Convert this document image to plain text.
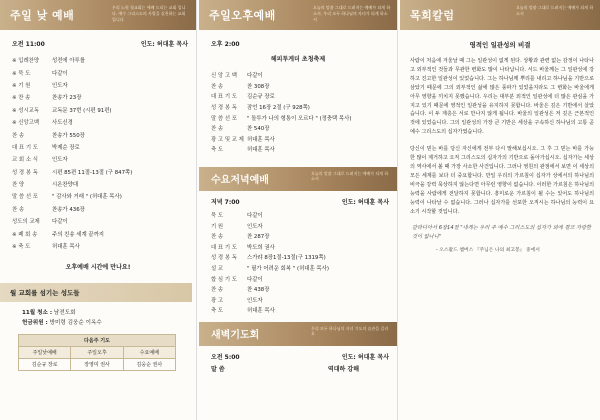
주일 낮 예배
우리 노원 청교회는 예배 드리는 교회 입니다. 예수 그리스도의 사랑을 실천하는 교회 입니다
오전 11:00	인도: 허대훈 목사
※ 입례찬양	성전에 아루를
※ 묵 도	다같이
※ 기 원	인도자
※ 찬 송	찬송가 23장
※ 성시교독	교독문 37번 (시편 91편)
※ 신앙고백	사도신경
찬 송	찬송가 550장
대 표 기 도	박제순 장로
교 회 소 식	인도자
성 경 봉 독	시편 85편 11절-13절 (구 847쪽)
찬 양	시온찬양대
말 씀 선 포	" 감사와 거래 " (허대훈 목사)
찬 송	찬송가 436장
성도의 교제	다같이
※ 폐 회 송	주의 친송 세계 끝까지
※ 축 도	허대훈 목사
오후예배 시간에 만나요!
월 교회를 섬기는 성도들
11월 청소 : 남전도회
헌금위원 : 방미령 김웅순 이옥수
다음주 기도		
주일낮예배	주일오후	수요예배
김순규 장로	장영미 권사	김웅순 권사
주일오후예배
오늘의 말씀 그대로 드려지는 예배가 되게 하소서. 우리 모두 하나님의 자녀가 되게 하소서
오후 2:00
헤피투게더 초청축제
신 앙 고 백	다같이
찬 송	찬 308장
대 표 기 도	김순규 장로
성 경 봉 독	잠언 16장 2절 (구 928쪽)
말 씀 선 포	" 돌투가 나의 형통이 오르다 " (정충택 목사)
찬 송	찬 540장
광 고 및 교 제 허대훈 목사
축 도	허대훈 목사
수요저녁예배
오늘의 말씀 그대로 드려지는 예배가 되게 하소서
저녁 7:00	인도: 허대훈 목사
묵 도	다같이
기 원	인도자
찬 송	찬 287장
대 표 기 도	박도희 권사
성 경 봉 독	스가랴 8장1절-13절(구 1319쪽)
설 교	" 필가 어려운 회복 " (허대훈 목사)
합 심 기 도	다같이
찬 송	찬 438장
광 고	인도자
축 도	허대훈 목사
새벽기도회
우리 모두 하나님의 자녀 기도의 습관을 길러요
오전 5:00	인도: 허대훈 목사
말 씀	역대하 강해
목회칼럼
오늘의 말씀 그대로 드려지는 예배가 되게 하소서
영적인 일관성의 비결
사람이 처음에 겨울날 때 그는 일관성이 없게 된다. 상황과 관련 없는 감정이 나타나고 외부적인 것들과 무관한 변화도 많이 나타납니다. 서드 바울께는 그 일관성에 강하고 진고한 일관성이 있었습니다. 그는 하나님께 뿌리를 내리고 하나님을 기반으로 삼았기 때문에 그의 외부적인 삶에 많은 풍파가 있었을지라도 그 변화는 바울에게 아무 영향을 끼치지 못했습니다. 우리는 대부분 외적인 일관성에 더 많은 관심을 가지고 있기 때문에 영적인 일관성을 유지하지 못합니다. 바울은 깊은 기반에서 살았습니다. 이 두 계층은 서로 만나지 않게 됩니다. 바울의 일관성은 저 깊은 근본적인 것에 있었습니다. 그의 일관성의 가장 큰 기반은 세상을 구속하신 하나님의 고통 곧 예수 그리스도의 십자가였습니다.
당신이 믿는 바를 당신 자신에게 전부 다시 말해보십시오. 그 후 그 믿는 바를 가능한 많이 제거하고 오직 그리스도의 십자가의 기반으로 돌아가십시오. 십자가는 세상의 역사에서 볼 때 가장 사소한 사건입니다. 그러나 영원의 관점에서 보면 이 세상의 모든 세계를 보다 더 중요합니다. 만일 우리의 가르침이 십자가 상에서의 하나님의 비극을 강력 묵상하지 않는다면 아무런 영향이 없습니다. 이러한 가르침은 하나님의 능력을 사람에게 전달하지 못합니다. 흥미로운 가르침이 될 수는 있어도 하나님의 능력이 나타날 수 없습니다. 그러나 십자가를 선포한 오직시는 하나님의 능력이 요소기 시작할 것입니다.
갈라디아서 6장14절 "내게는 우리 주 예수 그리스도의 십자가 외에 결코 자랑할 것이 없나니"
- 오스왈드 챔버스 『주님은 나의 최고봉』 중에서
